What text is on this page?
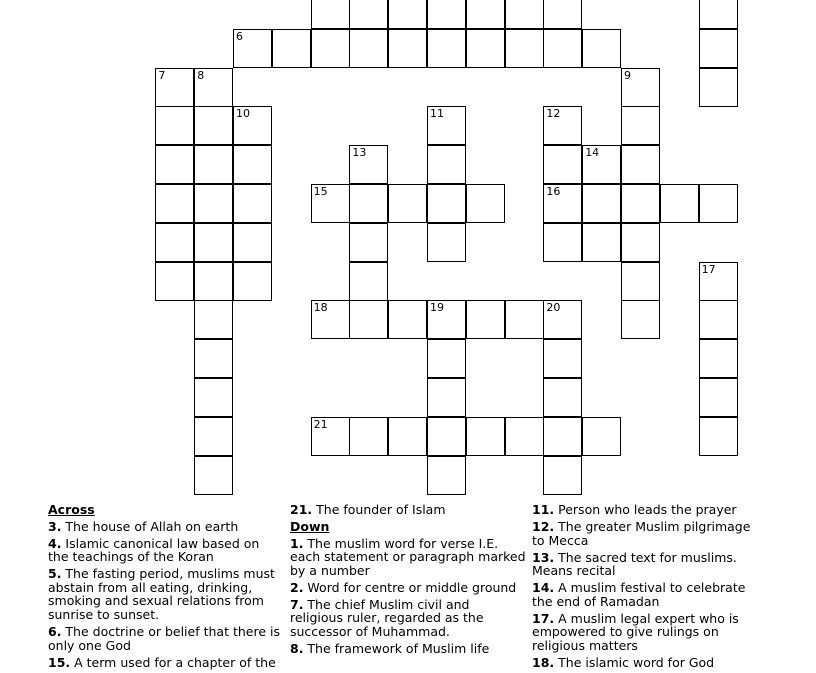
6
7	8	9
10	11	12
13	14
15	16
17
18	19	20
21
Across
3. The house of Allah on earth
4. Islamic canonical law based on the teachings of the Koran
5. The fasting period, muslims must abstain from all eating, drinking, smoking and sexual relations from sunrise to sunset.
6. The doctrine or belief that there is only one God
15. A term used for a chapter of the
21. The founder of Islam
Down
1. The muslim word for verse I.E. each statement or paragraph marked by a number
2. Word for centre or middle ground
7. The chief Muslim civil and religious ruler, regarded as the successor of Muhammad.
8. The framework of Muslim life
11. Person who leads the prayer
12. The greater Muslim pilgrimage to Mecca
13. The sacred text for muslims. Means recital
14. A muslim festival to celebrate the end of Ramadan
17. A muslim legal expert who is empowered to give rulings on religious matters
18. The islamic word for God
